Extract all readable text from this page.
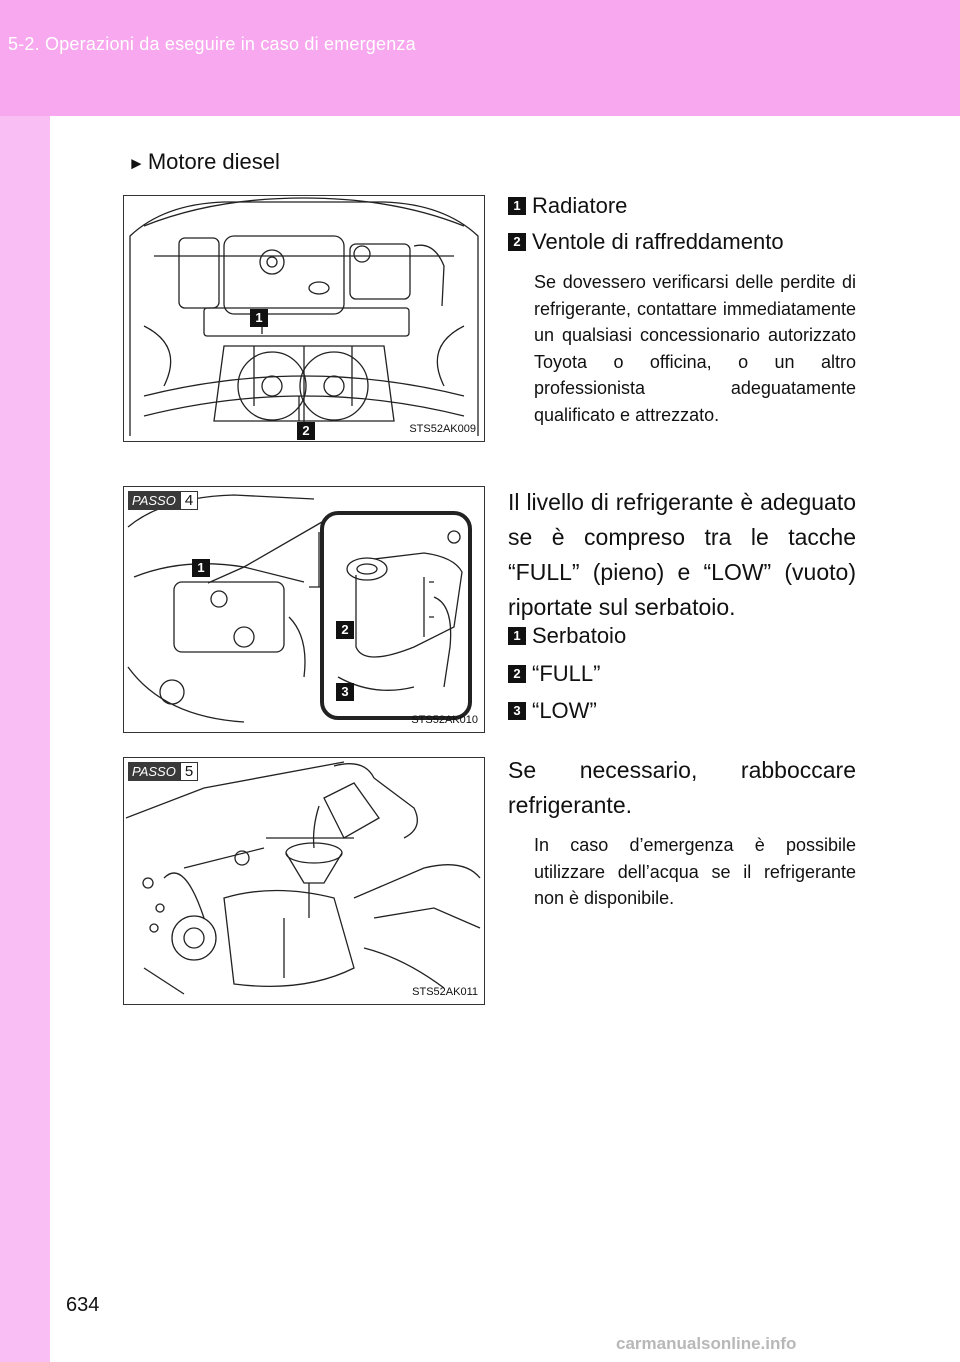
5-2. Operazioni da eseguire in caso di emergenza
► Motore diesel
1
2	STS52AK009
1 Radiatore
2 Ventole di raffreddamento
Se dovessero verificarsi delle perdite di refrigerante, contattare immediatamente un qualsiasi concessionario autorizzato Toyota o officina, o un altro professionista adeguatamente qualificato e attrezzato.
PASSO 4
1
2
3
STS52AK010
Il livello di refrigerante è adeguato se è compreso tra le tacche “FULL” (pieno) e “LOW” (vuoto) riportate sul serbatoio.
1 Serbatoio
2 “FULL”
3 “LOW”
PASSO 5
STS52AK011
Se necessario, rabboccare refrigerante.
In caso d’emergenza è possibile utilizzare dell’acqua se il refrigerante non è disponibile.
634
carmanualsonline.info
